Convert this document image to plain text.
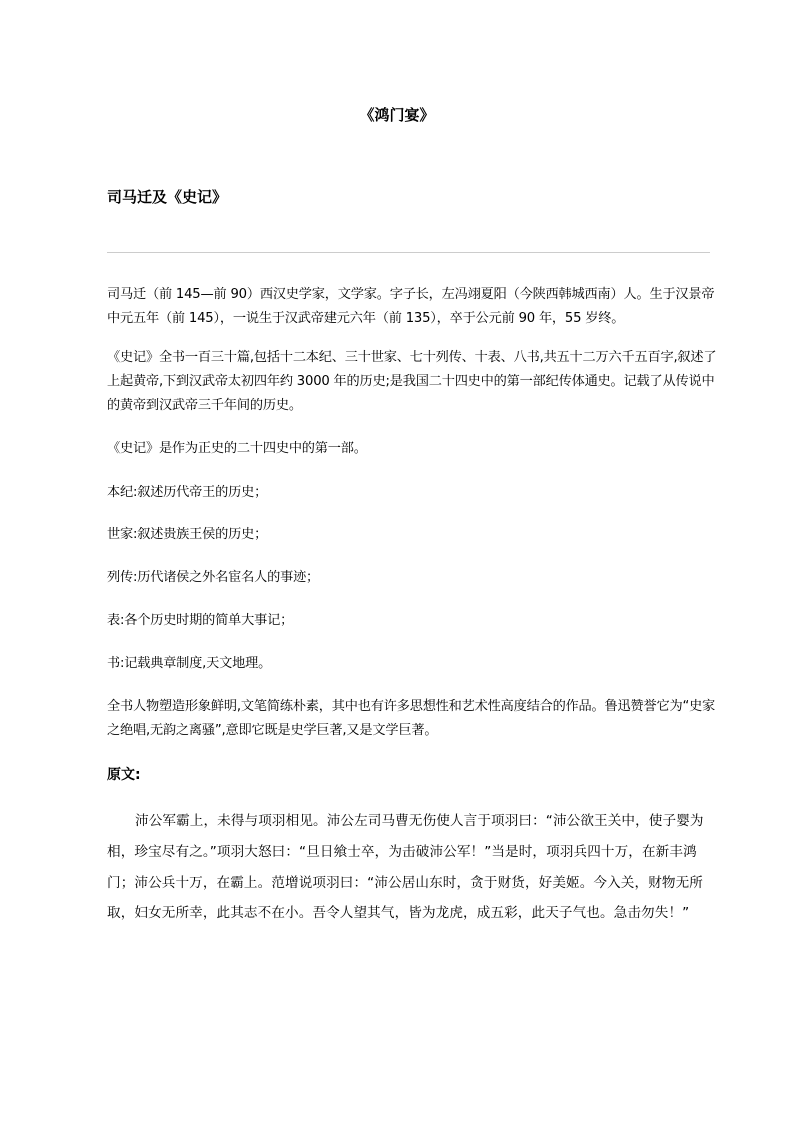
《鸿门宴》
司马迁及《史记》

司马迁（前 145—前 90）西汉史学家，文学家。字子长，左冯翊夏阳（今陕西韩城西南）人。生于汉景帝中元五年（前 145），一说生于汉武帝建元六年（前 135），卒于公元前 90 年，55 岁终。

《史记》全书一百三十篇,包括十二本纪、三十世家、七十列传、十表、八书,共五十二万六千五百字,叙述了上起黄帝,下到汉武帝太初四年约 3000 年的历史;是我国二十四史中的第一部纪传体通史。记载了从传说中的黄帝到汉武帝三千年间的历史。

《史记》是作为正史的二十四史中的第一部。

本纪:叙述历代帝王的历史；

世家:叙述贵族王侯的历史；

列传:历代诸侯之外名宦名人的事迹；

表:各个历史时期的简单大事记；

书:记载典章制度,天文地理。

全书人物塑造形象鲜明,文笔简练朴素，其中也有许多思想性和艺术性高度结合的作品。鲁迅赞誉它为“史家之绝唱,无韵之离骚”,意即它既是史学巨著,又是文学巨著。

原文:

沛公军霸上，未得与项羽相见。沛公左司马曹无伤使人言于项羽曰：“沛公欲王关中，使子婴为相，珍宝尽有之。”项羽大怒曰：“旦日飨士卒，为击破沛公军！”当是时，项羽兵四十万，在新丰鸿门；沛公兵十万，在霸上。范增说项羽曰：“沛公居山东时，贪于财货，好美姬。今入关，财物无所取，妇女无所幸，此其志不在小。吾令人望其气，皆为龙虎，成五彩，此天子气也。急击勿失！”
